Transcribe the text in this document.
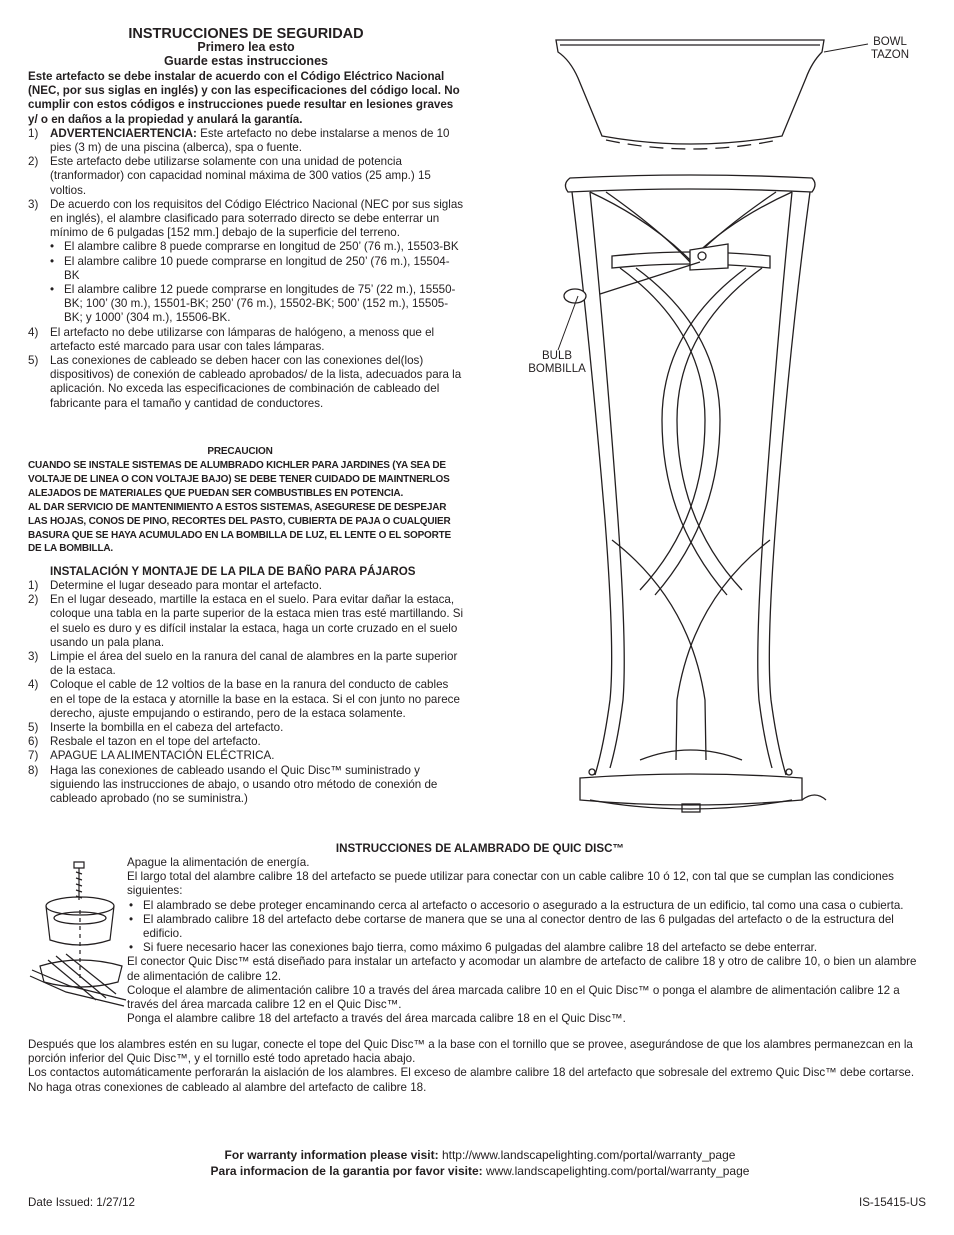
INSTRUCCIONES DE SEGURIDAD
Primero lea esto
Guarde estas instrucciones
Este artefacto se debe instalar de acuerdo con el Código Eléctrico Nacional (NEC, por sus siglas en inglés) y con las especificaciones del código local. No cumplir con estos códigos e instrucciones puede resultar en lesiones graves y/ o en daños a la propiedad y anulará la garantía.
1) ADVERTENCIAERTENCIA: Este artefacto no debe instalarse a menos de 10 pies (3 m) de una piscina (alberca), spa o fuente.
2) Este artefacto debe utilizarse solamente con una unidad de potencia (tranformador) con capacidad nominal máxima de 300 vatios (25 amp.) 15 voltios.
3) De acuerdo con los requisitos del Código Eléctrico Nacional (NEC por sus siglas en inglés), el alambre clasificado para soterrado directo se debe enterrar un mínimo de 6 pulgadas [152 mm.] debajo de la superficie del terreno.
• El alambre calibre 8 puede comprarse en longitud de 250’ (76 m.), 15503-BK
• El alambre calibre 10 puede comprarse en longitud de 250’ (76 m.), 15504-BK
• El alambre calibre 12 puede comprarse en longitudes de 75’ (22 m.), 15550-BK; 100’ (30 m.), 15501-BK; 250’ (76 m.), 15502-BK; 500’ (152 m.), 15505-BK; y 1000’ (304 m.), 15506-BK.
4) El artefacto no debe utilizarse con lámparas de halógeno, a menoss que el artefacto esté marcado para usar con tales lámparas.
5) Las conexiones de cableado se deben hacer con las conexiones del(los) dispositivos) de conexión de cableado aprobados/ de la lista, adecuados para la aplicación. No exceda las especificaciones de combinación de cableado del fabricante para el tamaño y cantidad de conductores.
PRECAUCION
CUANDO SE INSTALE SISTEMAS DE ALUMBRADO KICHLER PARA JARDINES (YA SEA DE VOLTAJE DE LINEA O CON VOLTAJE BAJO) SE DEBE TENER CUIDADO DE MAINTNERLOS ALEJADOS DE MATERIALES QUE PUEDAN SER COMBUSTIBLES EN POTENCIA.
AL DAR SERVICIO DE MANTENIMIENTO A ESTOS SISTEMAS, ASEGURESE DE DESPEJAR LAS HOJAS, CONOS DE PINO, RECORTES DEL PASTO, CUBIERTA DE PAJA O CUALQUIER BASURA QUE SE HAYA ACUMULADO EN LA BOMBILLA DE LUZ, EL LENTE O EL SOPORTE DE LA BOMBILLA.
INSTALACIÓN Y MONTAJE DE LA PILA DE BAÑO PARA PÁJAROS
1) Determine el lugar deseado para montar el artefacto.
2) En el lugar deseado, martille la estaca en el suelo. Para evitar dañar la estaca, coloque una tabla en la parte superior de la estaca mien tras esté martillando. Si el suelo es duro y es difícil instalar la estaca, haga un corte cruzado en el suelo usando un pala plana.
3) Limpie el área del suelo en la ranura del canal de alambres en la parte superior de la estaca.
4) Coloque el cable de 12 voltios de la base en la ranura del conducto de cables en el tope de la estaca y atornille la base en la estaca. Si el con junto no parece derecho, ajuste empujando o estirando, pero de la estaca solamente.
5) Inserte la bombilla en el cabeza del artefacto.
6) Resbale el tazon en el tope del artefacto.
7) APAGUE LA ALIMENTACIÓN ELÉCTRICA.
8) Haga las conexiones de cableado usando el Quic Disc™ suministrado y siguiendo las instrucciones de abajo, o usando otro método de conexión de cableado aprobado (no se suministra.)
BOWL
TAZON
BULB
BOMBILLA
INSTRUCCIONES DE ALAMBRADO DE QUIC DISC™
Apague la alimentación de energía.
El largo total del alambre calibre 18 del artefacto se puede utilizar para conectar con un cable calibre 10 ó 12, con tal que se cumplan las condiciones siguientes:
• El alambrado se debe proteger encaminando cerca al artefacto o accesorio o asegurado a la estructura de un edificio, tal como una casa o cubierta.
• El alambrado calibre 18 del artefacto debe cortarse de manera que se una al conector dentro de las 6 pulgadas del artefacto o de la estructura del edificio.
• Si fuere necesario hacer las conexiones bajo tierra, como máximo 6 pulgadas del alambre calibre 18 del artefacto se debe enterrar.
El conector Quic Disc™ está diseñado para instalar un artefacto y acomodar un alambre de artefacto de calibre 18 y otro de calibre 10, o bien un alambre de alimentación de calibre 12.
Coloque el alambre de alimentación calibre 10 a través del área marcada calibre 10 en el Quic Disc™ o ponga el alambre de alimentación calibre 12 a través del área marcada calibre 12 en el Quic Disc™.
Ponga el alambre calibre 18 del artefacto a través del área marcada calibre 18 en el Quic Disc™.
Después que los alambres estén en su lugar, conecte el tope del Quic Disc™ a la base con el tornillo que se provee, asegurándose de que los alambres permanezcan en la porción inferior del Quic Disc™, y el tornillo esté todo apretado hacia abajo.
Los contactos automáticamente perforarán la aislación de los alambres. El exceso de alambre calibre 18 del artefacto que sobresale del extremo Quic Disc™ debe cortarse.
No haga otras conexiones de cableado al alambre del artefacto de calibre 18.
For warranty information please visit: http://www.landscapelighting.com/portal/warranty_page
Para informacion de la garantia por favor visite: www.landscapelighting.com/portal/warranty_page
Date Issued: 1/27/12	IS-15415-US
